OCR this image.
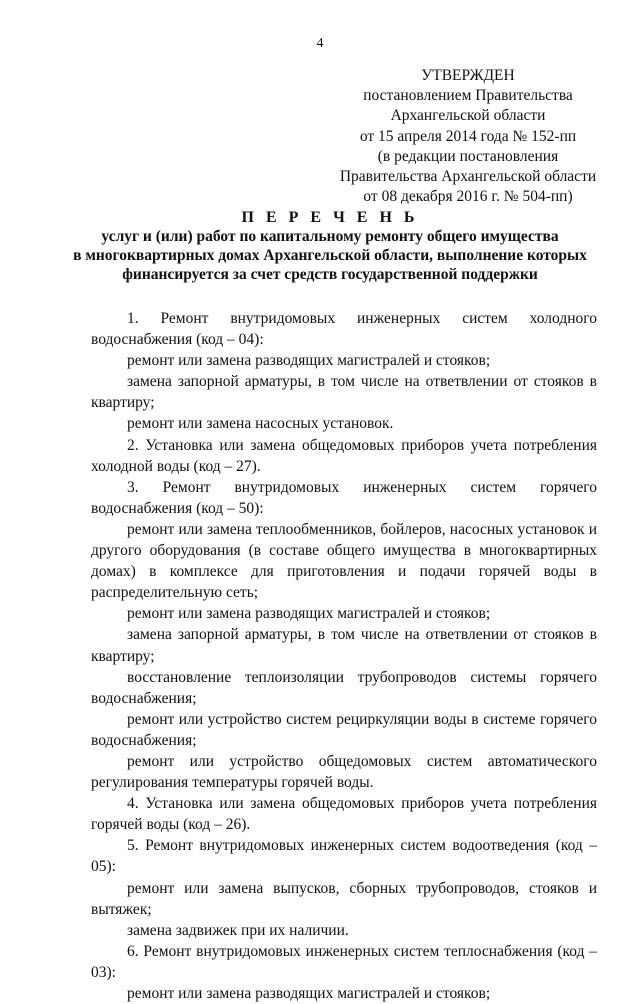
4
УТВЕРЖДЕН
постановлением Правительства
Архангельской области
от 15 апреля 2014 года № 152-пп
(в редакции постановления
Правительства Архангельской области
от 08 декабря 2016 г. № 504-пп)
П Е Р Е Ч Е Н Ь
услуг и (или) работ по капитальному ремонту общего имущества
в многоквартирных домах Архангельской области, выполнение которых
финансируется за счет средств государственной поддержки

1. Ремонт внутридомовых инженерных систем холодного водоснабжения (код – 04):

ремонт или замена разводящих магистралей и стояков;

замена запорной арматуры, в том числе на ответвлении от стояков в квартиру;

ремонт или замена насосных установок.

2. Установка или замена общедомовых приборов учета потребления холодной воды (код – 27).

3. Ремонт внутридомовых инженерных систем горячего водоснабжения (код – 50):

ремонт или замена теплообменников, бойлеров, насосных установок и другого оборудования (в составе общего имущества в многоквартирных домах) в комплексе для приготовления и подачи горячей воды в распределительную сеть;

ремонт или замена разводящих магистралей и стояков;

замена запорной арматуры, в том числе на ответвлении от стояков в квартиру;

восстановление теплоизоляции трубопроводов системы горячего водоснабжения;

ремонт или устройство систем рециркуляции воды в системе горячего водоснабжения;

ремонт или устройство общедомовых систем автоматического регулирования температуры горячей воды.

4. Установка или замена общедомовых приборов учета потребления горячей воды (код – 26).

5. Ремонт внутридомовых инженерных систем водоотведения (код – 05):

ремонт или замена выпусков, сборных трубопроводов, стояков и вытяжек;

замена задвижек при их наличии.

6. Ремонт внутридомовых инженерных систем теплоснабжения (код – 03):

ремонт или замена разводящих магистралей и стояков;
